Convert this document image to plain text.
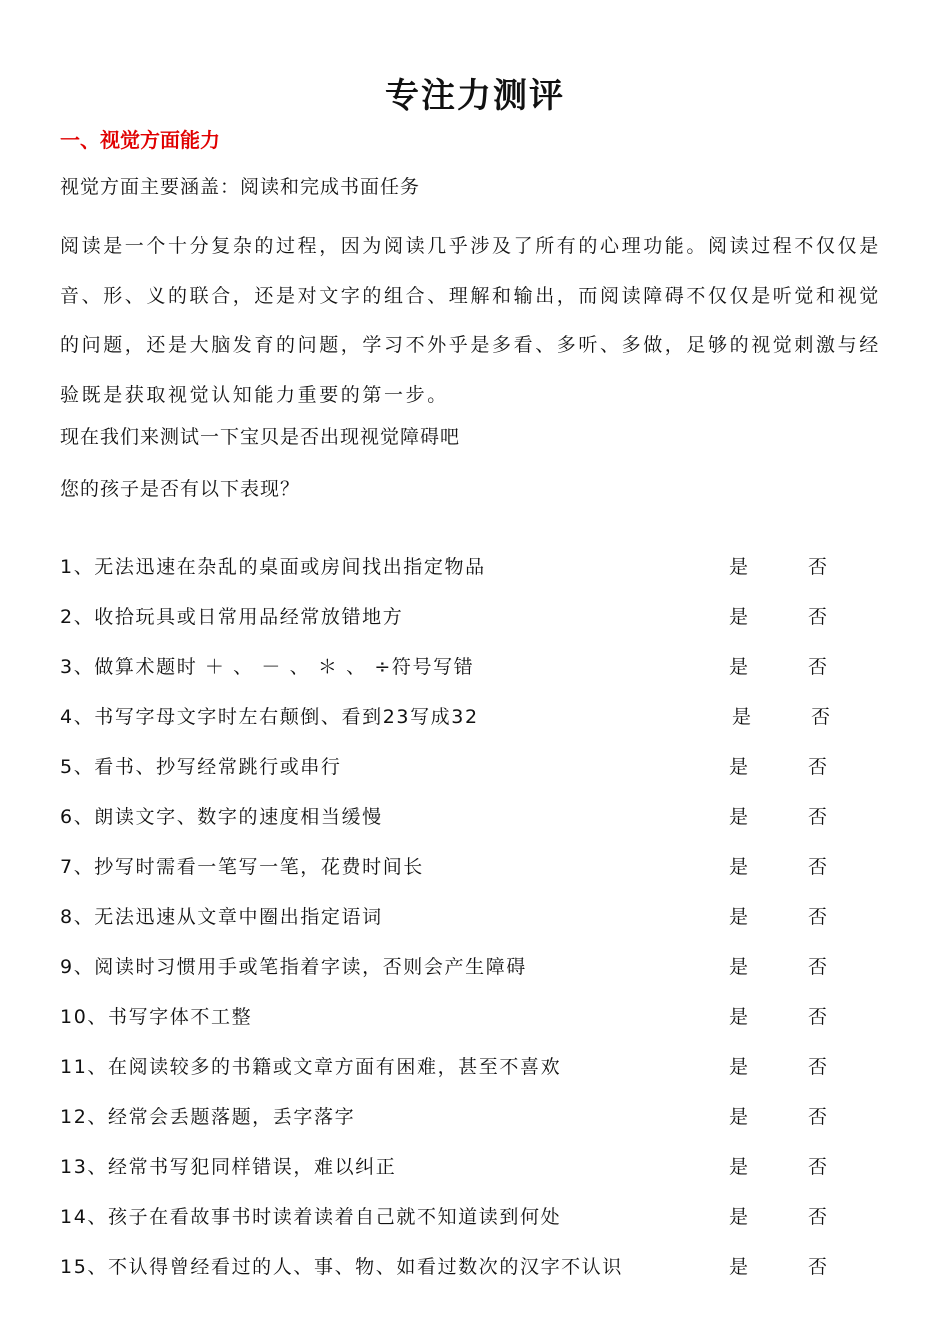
专注力测评
一、视觉方面能力
视觉方面主要涵盖：阅读和完成书面任务

阅读是一个十分复杂的过程，因为阅读几乎涉及了所有的心理功能。阅读过程不仅仅是音、形、义的联合，还是对文字的组合、理解和输出，而阅读障碍不仅仅是听觉和视觉的问题，还是大脑发育的问题，学习不外乎是多看、多听、多做，足够的视觉刺激与经验既是获取视觉认知能力重要的第一步。

现在我们来测试一下宝贝是否出现视觉障碍吧
您的孩子是否有以下表现？
1、无法迅速在杂乱的桌面或房间找出指定物品	是	否
2、收拾玩具或日常用品经常放错地方	是	否
3、做算术题时 ＋ 、 － 、 ＊ 、 ÷符号写错	是	否
4、书写字母文字时左右颠倒、看到23写成32	是	否
5、看书、抄写经常跳行或串行	是	否
6、朗读文字、数字的速度相当缓慢	是	否
7、抄写时需看一笔写一笔，花费时间长	是	否
8、无法迅速从文章中圈出指定语词	是	否
9、阅读时习惯用手或笔指着字读，否则会产生障碍	是	否
10、书写字体不工整	是	否
11、在阅读较多的书籍或文章方面有困难，甚至不喜欢	是	否
12、经常会丢题落题，丢字落字	是	否
13、经常书写犯同样错误，难以纠正	是	否
14、孩子在看故事书时读着读着自己就不知道读到何处	是	否
15、不认得曾经看过的人、事、物、如看过数次的汉字不认识	是	否
